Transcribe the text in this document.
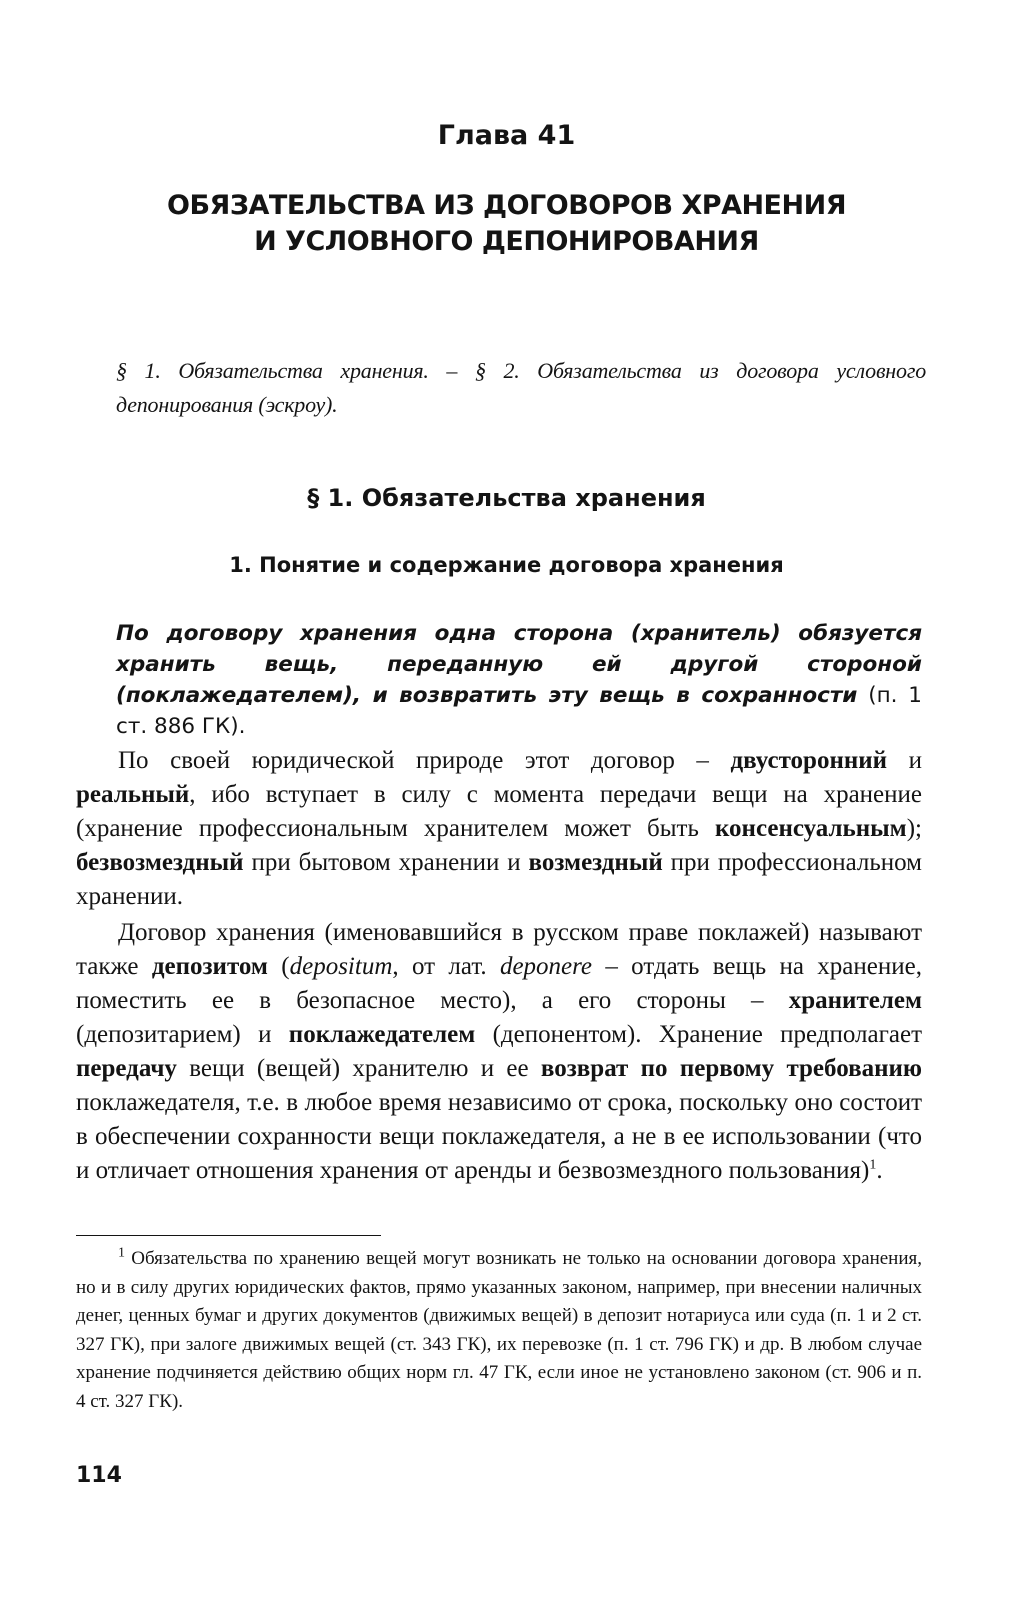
Глава 41
ОБЯЗАТЕЛЬСТВА ИЗ ДОГОВОРОВ ХРАНЕНИЯ
И УСЛОВНОГО ДЕПОНИРОВАНИЯ
§ 1. Обязательства хранения. – § 2. Обязательства из договора условного депонирования (эскроу).
§ 1. Обязательства хранения
1. Понятие и содержание договора хранения
По договору хранения одна сторона (хранитель) обязуется хранить вещь, переданную ей другой стороной (поклажедателем), и возвратить эту вещь в сохранности (п. 1 ст. 886 ГК).

По своей юридической природе этот договор – двусторонний и реальный, ибо вступает в силу с момента передачи вещи на хранение (хранение профессиональным хранителем может быть консенсуальным); безвозмездный при бытовом хранении и возмездный при профессиональном хранении.

Договор хранения (именовавшийся в русском праве поклажей) называют также депозитом (depositum, от лат. deponere – отдать вещь на хранение, поместить ее в безопасное место), а его стороны – хранителем (депозитарием) и поклажедателем (депонентом). Хранение предполагает передачу вещи (вещей) хранителю и ее возврат по первому требованию поклажедателя, т.е. в любое время независимо от срока, поскольку оно состоит в обеспечении сохранности вещи поклажедателя, а не в ее использовании (что и отличает отношения хранения от аренды и безвозмездного пользования)$^1$.

$^1$ Обязательства по хранению вещей могут возникать не только на основании договора хранения, но и в силу других юридических фактов, прямо указанных законом, например, при внесении наличных денег, ценных бумаг и других документов (движимых вещей) в депозит нотариуса или суда (п. 1 и 2 ст. 327 ГК), при залоге движимых вещей (ст. 343 ГК), их перевозке (п. 1 ст. 796 ГК) и др. В любом случае хранение подчиняется действию общих норм гл. 47 ГК, если иное не установлено законом (ст. 906 и п. 4 ст. 327 ГК).

114
